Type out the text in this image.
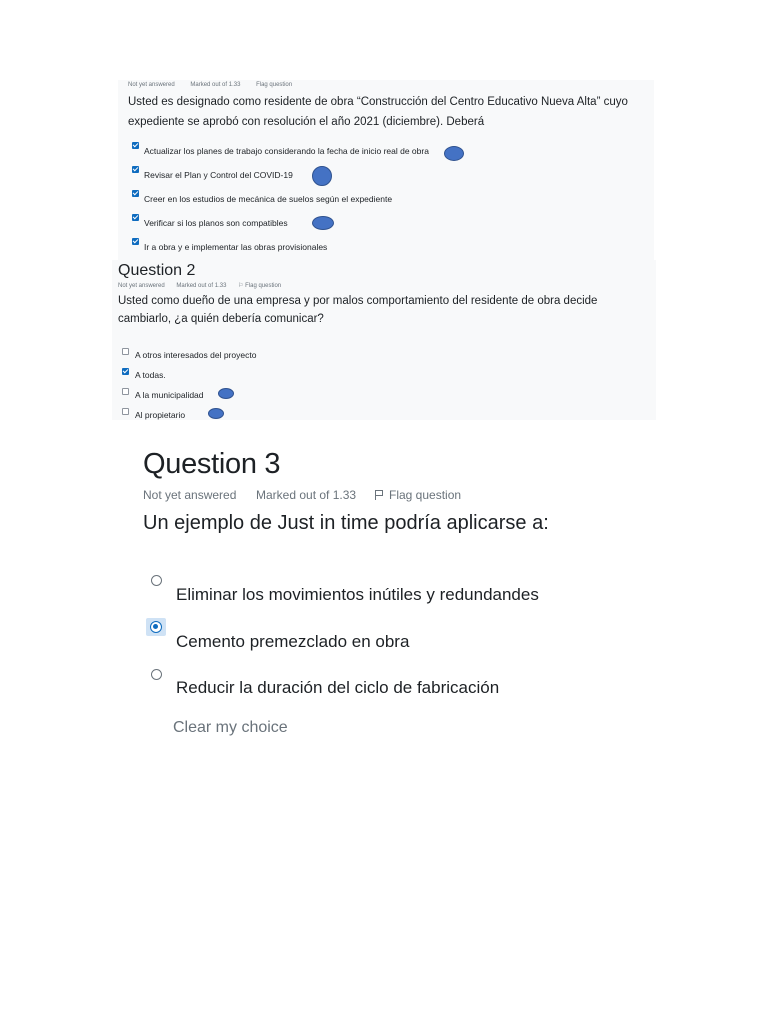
Not yet answered	Marked out of 1.33	Flag question
Usted es designado como residente de obra “Construcción del Centro Educativo Nueva Alta” cuyo expediente se aprobó con resolución el año 2021 (diciembre). Deberá
Actualizar los planes de trabajo considerando la fecha de inicio real de obra
Revisar el Plan y Control del COVID-19
Creer en los estudios de mecánica de suelos según el expediente
Verificar si los planos son compatibles
Ir a obra y e implementar las obras provisionales
Question 2
Not yet answered Marked out of 1.33 ⚐ Flag question
Usted como dueño de una empresa y por malos comportamiento del residente de obra decide cambiarlo, ¿a quién debería comunicar?
A otros interesados del proyecto
A todas.
A la municipalidad
Al propietario
Question 3
Not yet answered Marked out of 1.33	Flag question
Un ejemplo de Just in time podría aplicarse a:
Eliminar los movimientos inútiles y redundandes
Cemento premezclado en obra
Reducir la duración del ciclo de fabricación
Clear my choice
